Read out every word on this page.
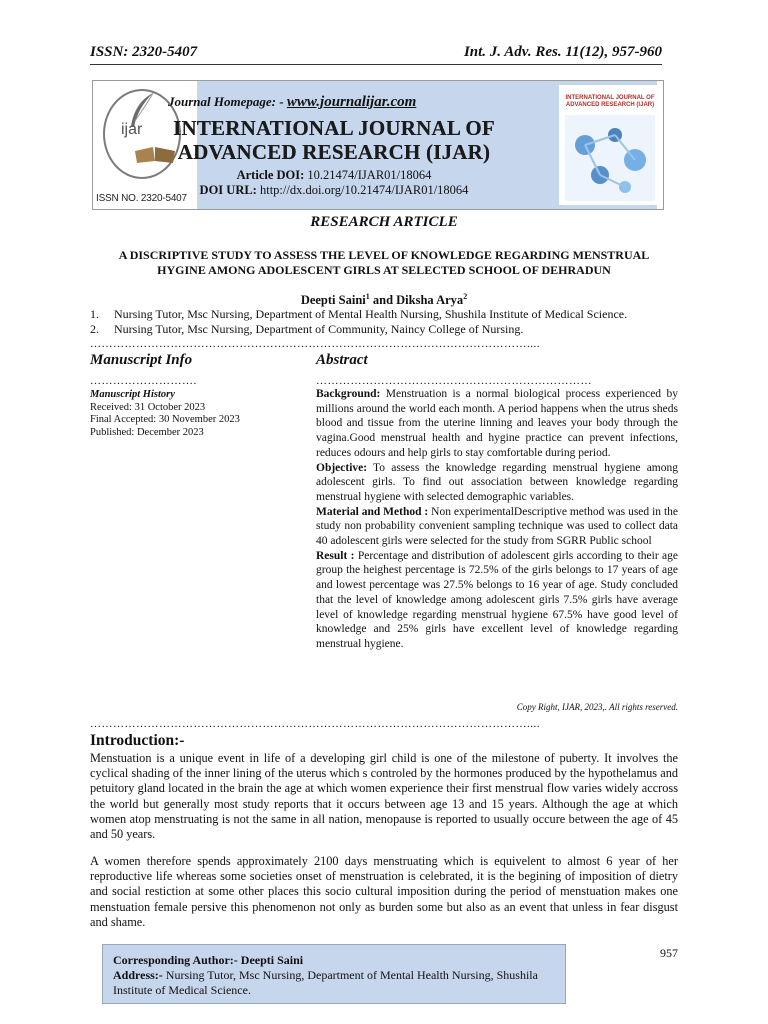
ISSN: 2320-5407	Int. J. Adv. Res. 11(12), 957-960
ijar
ISSN NO. 2320-5407
INTERNATIONAL JOURNAL OF ADVANCED RESEARCH (IJAR)
Journal Homepage: - www.journalijar.com
INTERNATIONAL JOURNAL OF
ADVANCED RESEARCH (IJAR)
Article DOI: 10.21474/IJAR01/18064
DOI URL: http://dx.doi.org/10.21474/IJAR01/18064
RESEARCH ARTICLE
A DISCRIPTIVE STUDY TO ASSESS THE LEVEL OF KNOWLEDGE REGARDING MENSTRUAL
HYGINE AMONG ADOLESCENT GIRLS AT SELECTED SCHOOL OF DEHRADUN
Deepti Saini$^1$ and Diksha Arya$^2$
1.	Nursing Tutor, Msc Nursing, Department of Mental Health Nursing, Shushila Institute of Medical Science.
2.	Nursing Tutor, Msc Nursing, Department of Community, Naincy College of Nursing.
……………………………………………………………………………………………………....
Manuscript Info
……………………….
Manuscript History
Received: 31 October 2023
Final Accepted: 30 November 2023
Published: December 2023
Abstract
………………………………………………………………
Background: Menstruation is a normal biological process experienced by millions around the world each month. A period happens when the utrus sheds blood and tissue from the uterine linning and leaves your body through the vagina.Good menstrual health and hygine practice can prevent infections, reduces odours and help girls to stay comfortable during period.
Objective: To assess the knowledge regarding menstrual hygiene among adolescent girls. To find out association between knowledge regarding menstrual hygiene with selected demographic variables.
Material and Method : Non experimentalDescriptive method was used in the study non probability convenient sampling technique was used to collect data 40 adolescent girls were selected for the study from SGRR Public school
Result : Percentage and distribution of adolescent girls according to their age group the heighest percentage is 72.5% of the girls belongs to 17 years of age and lowest percentage was 27.5% belongs to 16 year of age. Study concluded that the level of knowledge among adolescent girls 7.5% girls have average level of knowledge regarding menstrual hygiene 67.5% have good level of knowledge and 25% girls have excellent level of knowledge regarding menstrual hygiene.
Copy Right, IJAR, 2023,. All rights reserved.
……………………………………………………………………………………………………....
Introduction:-
Menstuation is a unique event in life of a developing girl child is one of the milestone of puberty. It involves the cyclical shading of the inner lining of the uterus which s controled by the hormones produced by the hypothelamus and petuitory gland located in the brain the age at which women experience their first menstrual flow varies widely accross the world but generally most study reports that it occurs between age 13 and 15 years. Although the age at which women atop menstruating is not the same in all nation, menopause is reported to usually occure between the age of 45 and 50 years.
A women therefore spends approximately 2100 days menstruating which is equivelent to almost 6 year of her reproductive life whereas some societies onset of menstruation is celebrated, it is the begining of imposition of dietry and social restiction at some other places this socio cultural imposition during the period of menstuation makes one menstuation female persive this phenomenon not only as burden some but also as an event that unless in fear disgust and shame.
Corresponding Author:- Deepti Saini
Address:- Nursing Tutor, Msc Nursing, Department of Mental Health Nursing, Shushila Institute of Medical Science.
957
